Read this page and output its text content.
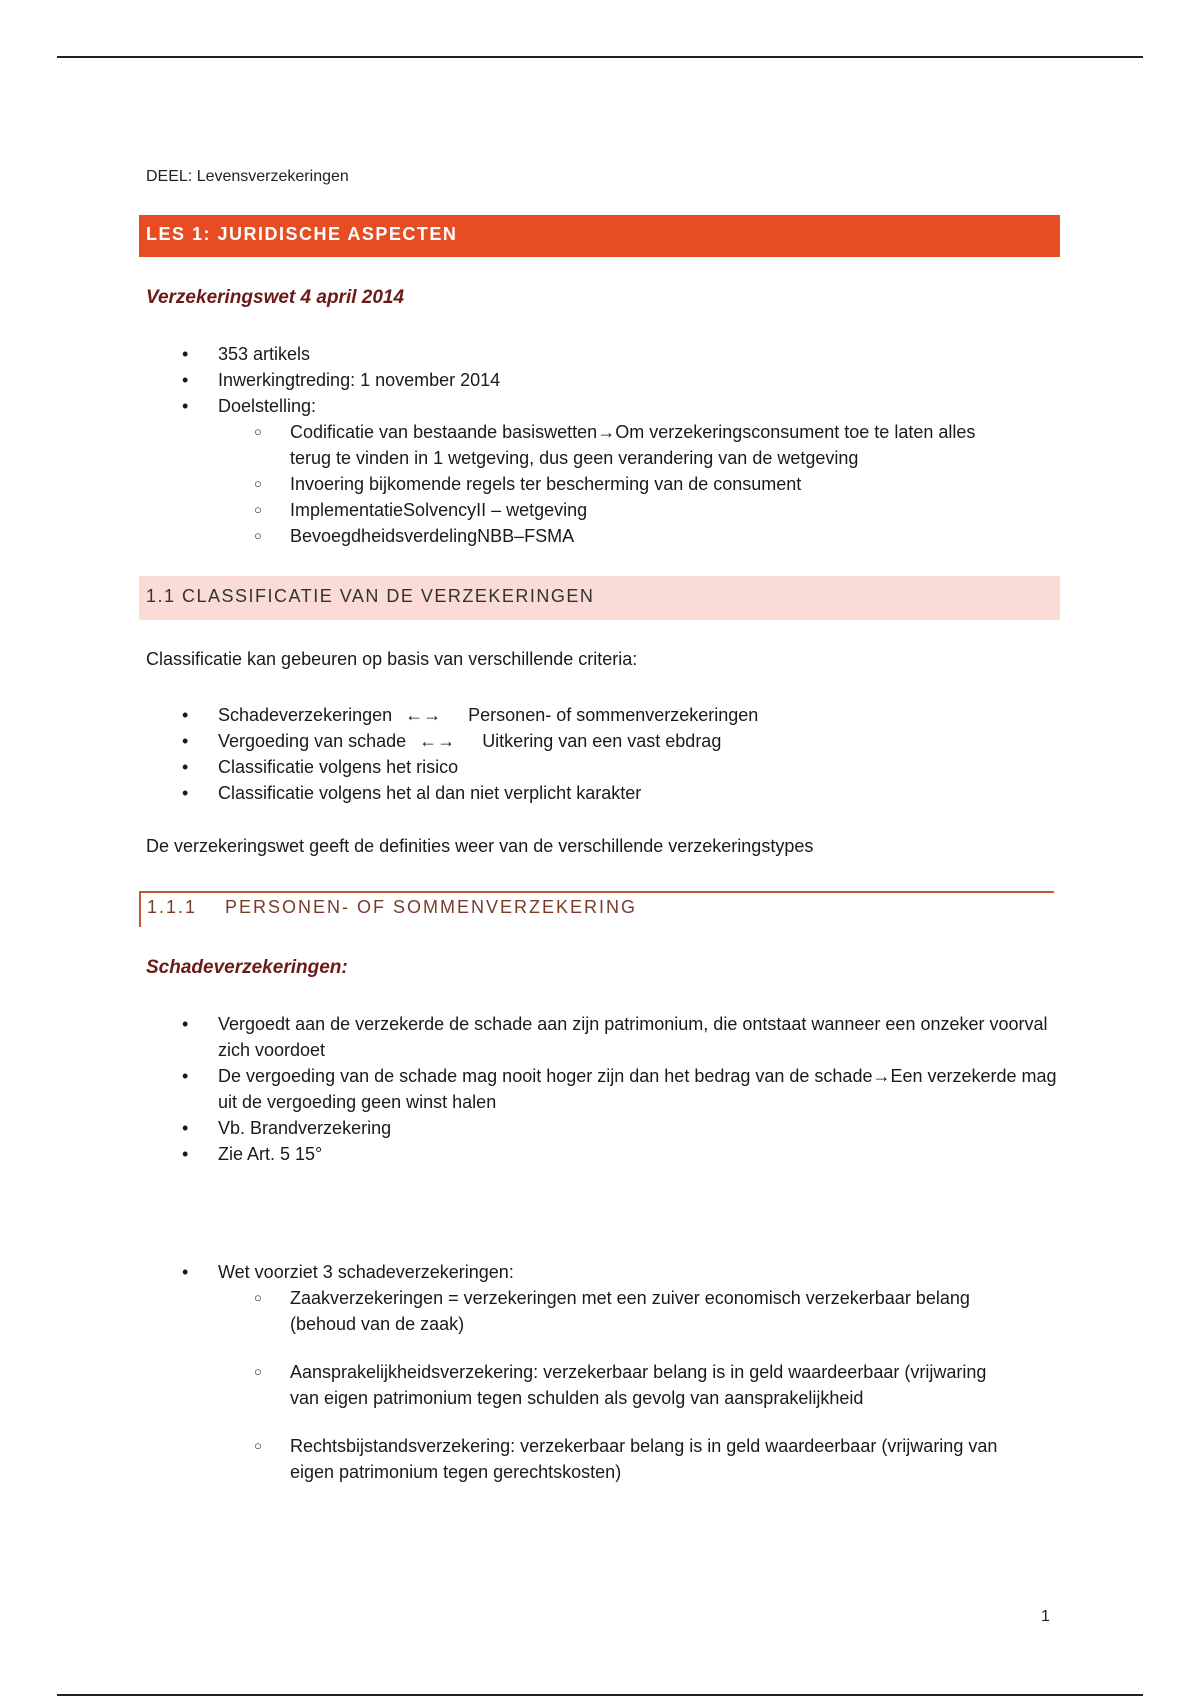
DEEL: Levensverzekeringen
LES 1: JURIDISCHE ASPECTEN
Verzekeringswet 4 april 2014
• 353 artikels
• Inwerkingtreding: 1 november 2014
• Doelstelling:
○ Codificatie van bestaande basiswetten→Om verzekeringsconsument toe te laten alles terug te vinden in 1 wetgeving, dus geen verandering van de wetgeving
○ Invoering bijkomende regels ter bescherming van de consument
○ ImplementatieSolvencyII – wetgeving
○ BevoegdheidsverdelingNBB–FSMA
1.1 CLASSIFICATIE VAN DE VERZEKERINGEN
Classificatie kan gebeuren op basis van verschillende criteria:
• Schadeverzekeringen ←→ Personen- of sommenverzekeringen
• Vergoeding van schade ←→ Uitkering van een vast ebdrag
• Classificatie volgens het risico
• Classificatie volgens het al dan niet verplicht karakter
De verzekeringswet geeft de definities weer van de verschillende verzekeringstypes
1.1.1 PERSONEN- OF SOMMENVERZEKERING
Schadeverzekeringen:
• Vergoedt aan de verzekerde de schade aan zijn patrimonium, die ontstaat wanneer een onzeker voorval zich voordoet
• De vergoeding van de schade mag nooit hoger zijn dan het bedrag van de schade→Een verzekerde mag uit de vergoeding geen winst halen
• Vb. Brandverzekering
• Zie Art. 5 15°
• Wet voorziet 3 schadeverzekeringen:
○ Zaakverzekeringen = verzekeringen met een zuiver economisch verzekerbaar belang (behoud van de zaak)
○ Aansprakelijkheidsverzekering: verzekerbaar belang is in geld waardeerbaar (vrijwaring van eigen patrimonium tegen schulden als gevolg van aansprakelijkheid
○ Rechtsbijstandsverzekering: verzekerbaar belang is in geld waardeerbaar (vrijwaring van eigen patrimonium tegen gerechtskosten)
1
